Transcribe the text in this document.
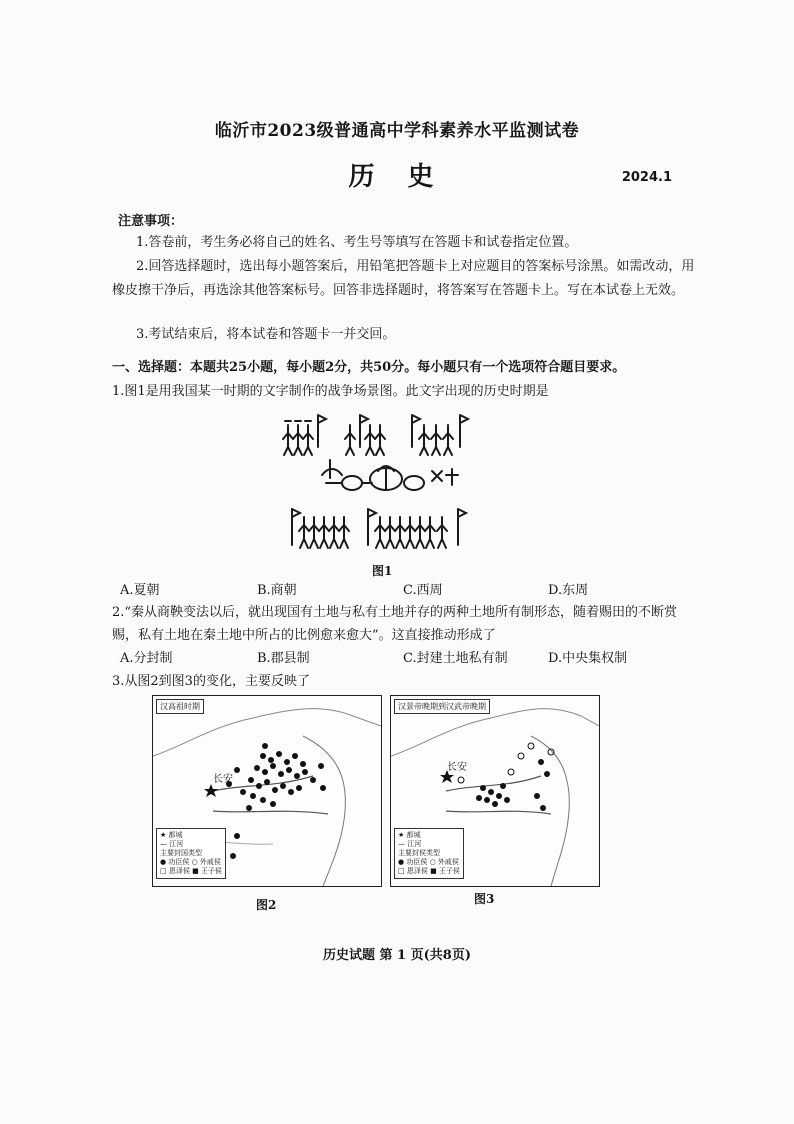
临沂市2023级普通高中学科素养水平监测试卷
历 史	2024.1
注意事项：
1.答卷前，考生务必将自己的姓名、考生号等填写在答题卡和试卷指定位置。
2.回答选择题时，选出每小题答案后，用铅笔把答题卡上对应题目的答案标号涂黑。如需改动，用橡皮擦干净后，再选涂其他答案标号。回答非选择题时，将答案写在答题卡上。写在本试卷上无效。
3.考试结束后，将本试卷和答题卡一并交回。
一、选择题：本题共25小题，每小题2分，共50分。每小题只有一个选项符合题目要求。
1.图1是用我国某一时期的文字制作的战争场景图。此文字出现的历史时期是
图1
A.夏朝	B.商朝	C.西周	D.东周
2.“秦从商鞅变法以后，就出现国有土地与私有土地并存的两种土地所有制形态，随着赐田的不断赏赐，私有土地在秦土地中所占的比例愈来愈大”。这直接推动形成了
A.分封制	B.郡县制	C.封建土地私有制	D.中央集权制
3.从图2到图3的变化，主要反映了
汉高祖时期
长安
★ 都城
— 江河
主要封国类型
● 功臣侯 ○ 外戚侯
□ 恩泽侯 ■ 王子侯
图2
汉景帝晚期到汉武帝晚期
长安
★ 都城
— 江河
主要封侯类型
● 功臣侯 ○ 外戚侯
□ 恩泽侯 ■ 王子侯
图3
历史试题 第 1 页(共8页)
